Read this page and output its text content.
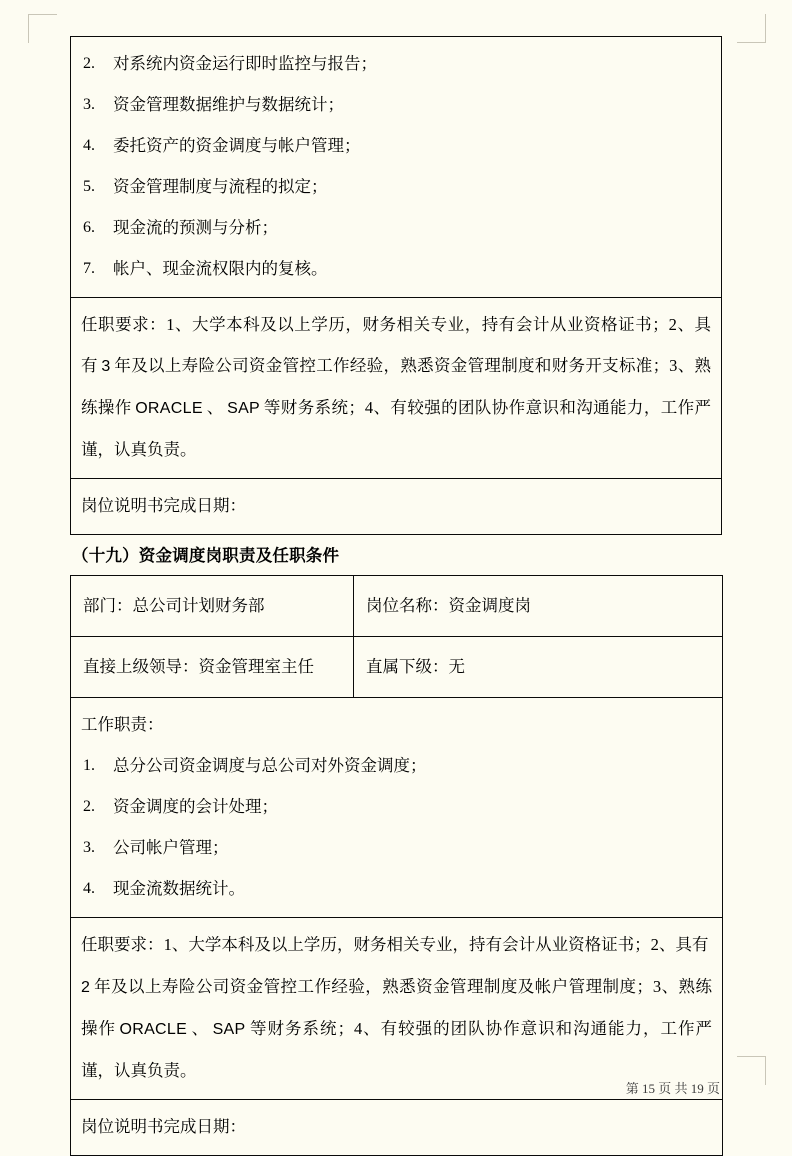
2. 对系统内资金运行即时监控与报告；
3. 资金管理数据维护与数据统计；
4. 委托资产的资金调度与帐户管理；
5. 资金管理制度与流程的拟定；
6. 现金流的预测与分析；
7. 帐户、现金流权限内的复核。

任职要求：1、大学本科及以上学历，财务相关专业，持有会计从业资格证书；2、具有 3 年及以上寿险公司资金管控工作经验，熟悉资金管理制度和财务开支标准；3、熟练操作 ORACLE 、 SAP 等财务系统；4、有较强的团队协作意识和沟通能力，工作严谨，认真负责。

岗位说明书完成日期：
（十九）资金调度岗职责及任职条件
部门：总公司计划财务部	岗位名称：资金调度岗

直接上级领导：资金管理室主任	直属下级：无

工作职责：
1. 总分公司资金调度与总公司对外资金调度；
2. 资金调度的会计处理；
3. 公司帐户管理；
4. 现金流数据统计。

任职要求：1、大学本科及以上学历，财务相关专业，持有会计从业资格证书；2、具有 2 年及以上寿险公司资金管控工作经验，熟悉资金管理制度及帐户管理制度；3、熟练操作 ORACLE 、 SAP 等财务系统；4、有较强的团队协作意识和沟通能力，工作严谨，认真负责。	

岗位说明书完成日期：	
第 15 页 共 19 页
